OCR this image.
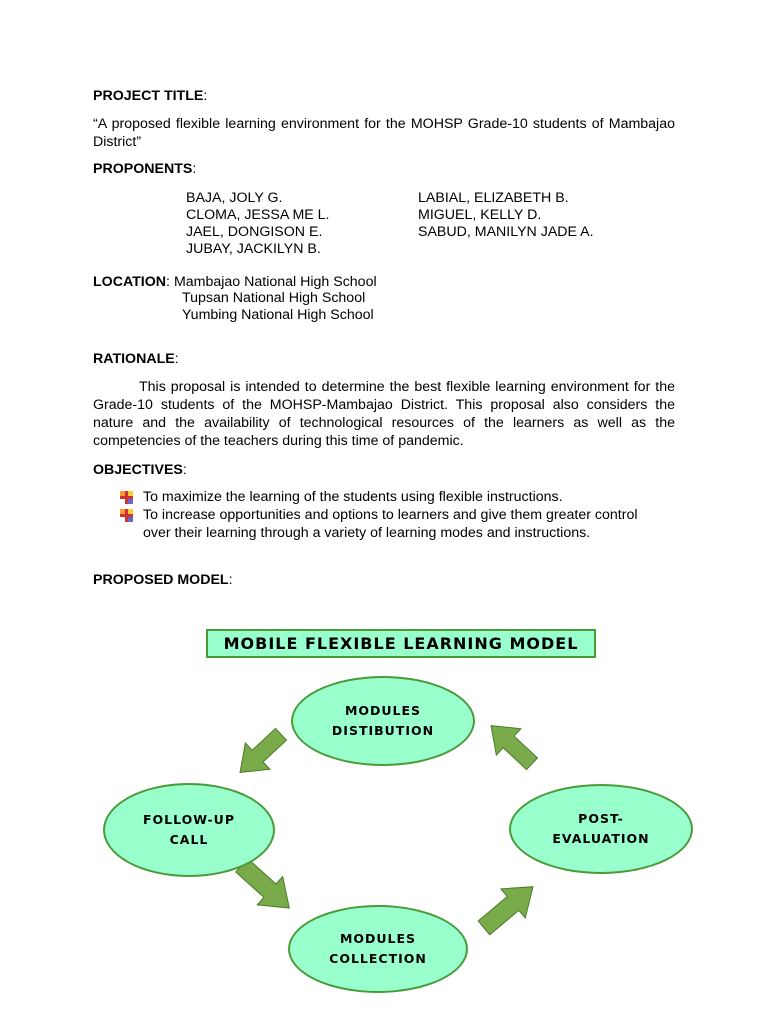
PROJECT TITLE:

“A proposed flexible learning environment for the MOHSP Grade-10 students of Mambajao District”

PROPONENTS:

BAJA, JOLY G.

CLOMA, JESSA ME L.

JAEL, DONGISON E.

JUBAY, JACKILYN B.

LABIAL, ELIZABETH B.

MIGUEL, KELLY D.

SABUD, MANILYN JADE A.

LOCATION: Mambajao National High School

Tupsan National High School

Yumbing National High School

RATIONALE:

This proposal is intended to determine the best flexible learning environment for the Grade-10 students of the MOHSP-Mambajao District. This proposal also considers the nature and the availability of technological resources of the learners as well as the competencies of the teachers during this time of pandemic.

OBJECTIVES:

To maximize the learning of the students using flexible instructions.
To increase opportunities and options to learners and give them greater control over their learning through a variety of learning modes and instructions.

PROPOSED MODEL:

MOBILE FLEXIBLE LEARNING MODEL
MODULES
DISTIBUTION
FOLLOW-UP
CALL
POST-
EVALUATION
MODULES
COLLECTION
